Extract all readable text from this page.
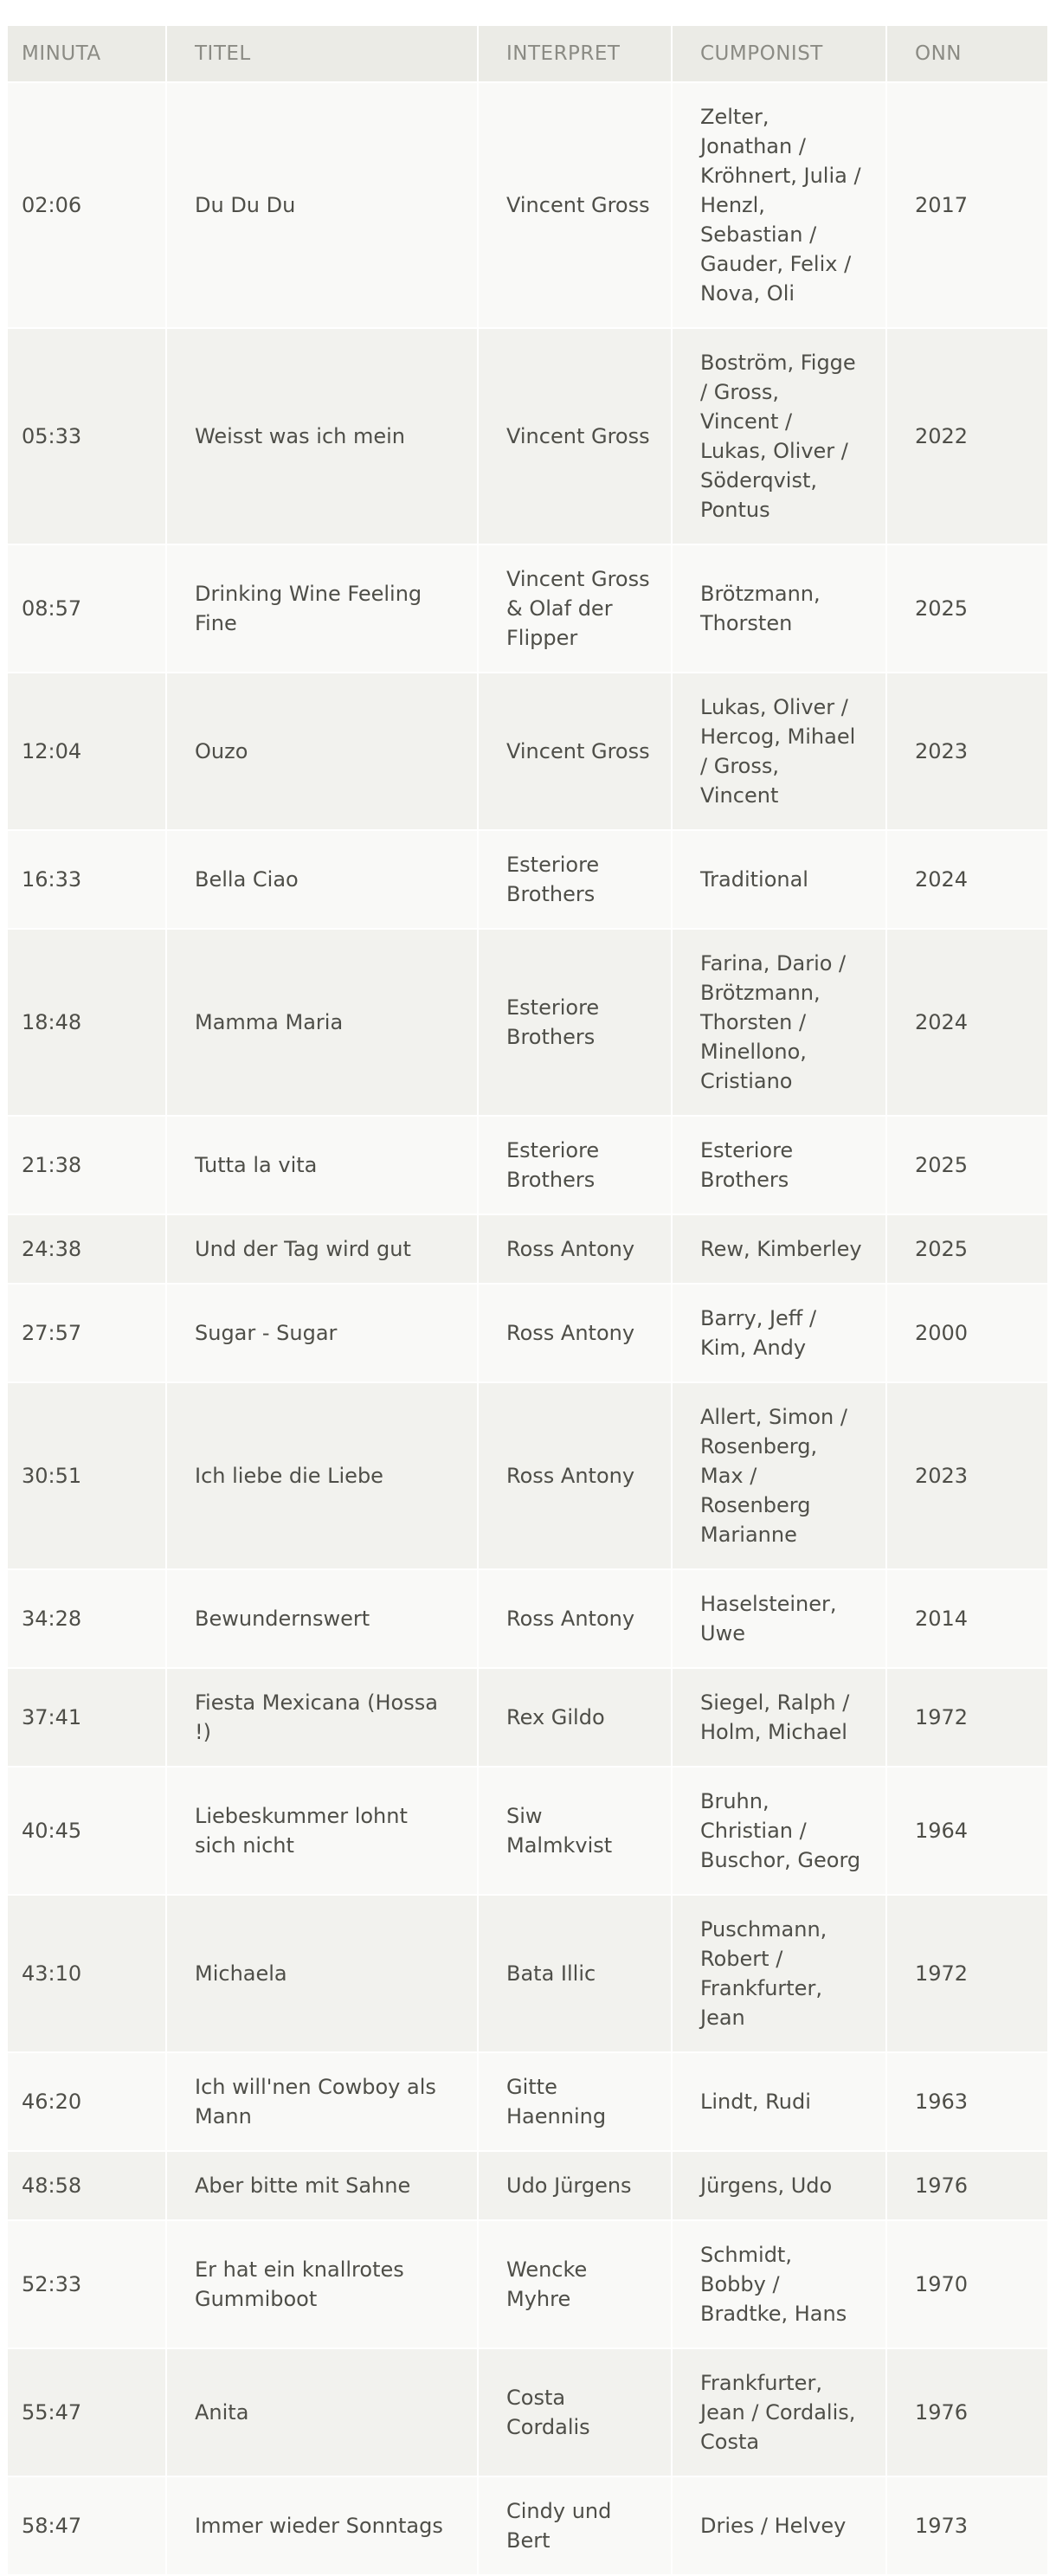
MINUTA	TITEL	INTERPRET	CUMPONIST	ONN
02:06	Du Du Du	Vincent Gross	Zelter, Jonathan / Kröhnert, Julia / Henzl, Sebastian / Gauder, Felix / Nova, Oli	2017
05:33	Weisst was ich mein	Vincent Gross	Boström, Figge / Gross, Vincent / Lukas, Oliver / Söderqvist, Pontus	2022
08:57	Drinking Wine Feeling Fine	Vincent Gross & Olaf der Flipper	Brötzmann, Thorsten	2025
12:04	Ouzo	Vincent Gross	Lukas, Oliver / Hercog, Mihael / Gross, Vincent	2023
16:33	Bella Ciao	Esteriore Brothers	Traditional	2024
18:48	Mamma Maria	Esteriore Brothers	Farina, Dario / Brötzmann, Thorsten / Minellono, Cristiano	2024
21:38	Tutta la vita	Esteriore Brothers	Esteriore Brothers	2025
24:38	Und der Tag wird gut	Ross Antony	Rew, Kimberley	2025
27:57	Sugar - Sugar	Ross Antony	Barry, Jeff / Kim, Andy	2000
30:51	Ich liebe die Liebe	Ross Antony	Allert, Simon / Rosenberg, Max / Rosenberg Marianne	2023
34:28	Bewundernswert	Ross Antony	Haselsteiner, Uwe	2014
37:41	Fiesta Mexicana (Hossa !)	Rex Gildo	Siegel, Ralph / Holm, Michael	1972
40:45	Liebeskummer lohnt sich nicht	Siw Malmkvist	Bruhn, Christian / Buschor, Georg	1964
43:10	Michaela	Bata Illic	Puschmann, Robert / Frankfurter, Jean	1972
46:20	Ich will'nen Cowboy als Mann	Gitte Haenning	Lindt, Rudi	1963
48:58	Aber bitte mit Sahne	Udo Jürgens	Jürgens, Udo	1976
52:33	Er hat ein knallrotes Gummiboot	Wencke Myhre	Schmidt, Bobby / Bradtke, Hans	1970
55:47	Anita	Costa Cordalis	Frankfurter, Jean / Cordalis, Costa	1976
58:47	Immer wieder Sonntags	Cindy und Bert	Dries / Helvey	1973
